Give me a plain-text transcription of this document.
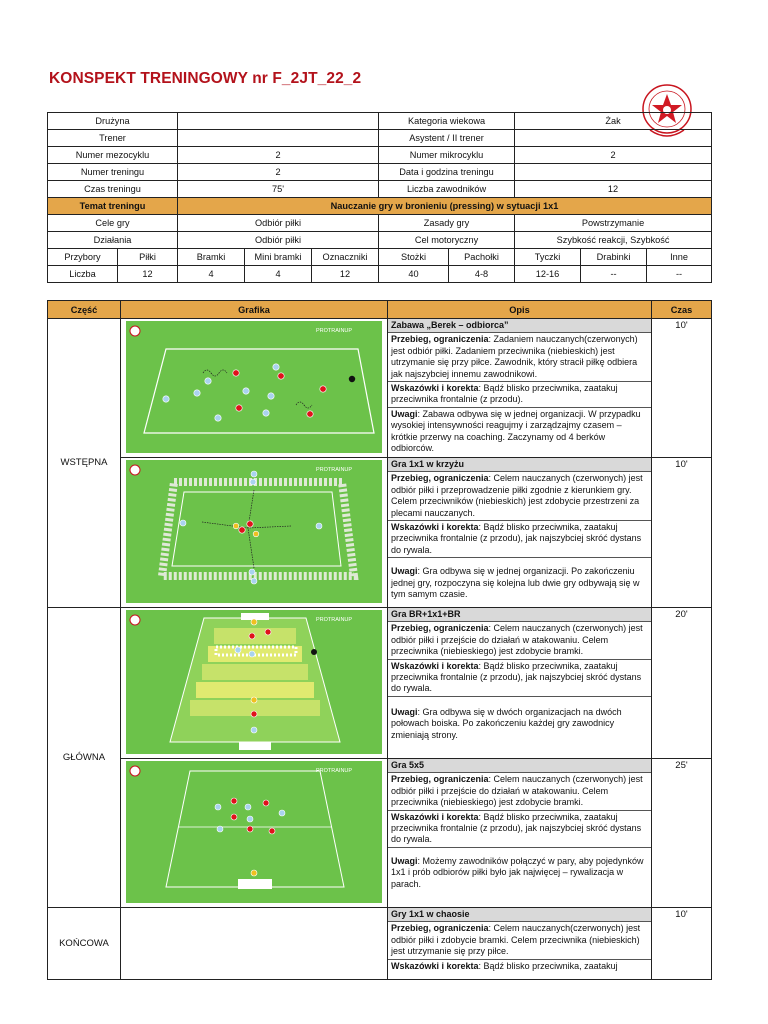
KONSPEKT TRENINGOWY nr F_2JT_22_2
Drużyna					Kategoria wiekowa		Żak		
Trener					Asystent / II trener				
Numer mezocyklu		2			Numer mikrocyklu		2		
Numer treningu		2			Data i godzina treningu				
Czas treningu		75'			Liczba zawodników		12		
Temat treningu		Nauczanie gry w bronieniu (pressing) w sytuacji 1x1							
Cele gry		Odbiór piłki			Zasady gry		Powstrzymanie		
Działania		Odbiór piłki			Cel motoryczny		Szybkość reakcji, Szybkość		
Przybory	Piłki	Bramki	Mini bramki	Oznaczniki	Stożki	Pachołki	Tyczki	Drabinki	Inne
Liczba	12	4	4	12	40	4-8	12-16	--	--
Część	Grafika	Opis	Czas
WSTĘPNA	PROTRAINUP	Zabawa „Berek – odbiorca”
Przebieg, ograniczenia: Zadaniem nauczanych(czerwonych) jest odbiór piłki. Zadaniem przeciwnika (niebieskich) jest utrzymanie się przy piłce. Zawodnik, który stracił piłkę odbiera jak najszybciej innemu zawodnikowi.
Wskazówki i korekta: Bądź blisko przeciwnika, zaatakuj przeciwnika frontalnie (z przodu).
Uwagi: Zabawa odbywa się w jednej organizacji. W przypadku wysokiej intensywności reagujmy i zarządzajmy czasem – krótkie przerwy na coaching. Zaczynamy od 4 berków odbiorców.	10'

PROTRAINUP	Gra 1x1 w krzyżu
Przebieg, ograniczenia: Celem nauczanych (czerwonych) jest odbiór piłki i przeprowadzenie piłki zgodnie z kierunkiem gry. Celem przeciwników (niebieskich) jest zdobycie przestrzeni za plecami nauczanych.
Wskazówki i korekta: Bądź blisko przeciwnika, zaatakuj przeciwnika frontalnie (z przodu), jak najszybciej skróć dystans do rywala.
Uwagi: Gra odbywa się w jednej organizacji. Po zakończeniu jednej gry, rozpoczyna się kolejna lub dwie gry odbywają się w tym samym czasie.	10'
GŁÓWNA	PROTRAINUP	Gra BR+1x1+BR
Przebieg, ograniczenia: Celem nauczanych (czerwonych) jest odbiór piłki i przejście do działań w atakowaniu. Celem przeciwnika (niebieskiego) jest zdobycie bramki.
Wskazówki i korekta: Bądź blisko przeciwnika, zaatakuj przeciwnika frontalnie (z przodu), jak najszybciej skróć dystans do rywala.
Uwagi: Gra odbywa się w dwóch organizacjach na dwóch połowach boiska. Po zakończeniu każdej gry zawodnicy zmieniają strony.	20'

PROTRAINUP	Gra 5x5
Przebieg, ograniczenia: Celem nauczanych (czerwonych) jest odbiór piłki i przejście do działań w atakowaniu. Celem przeciwnika (niebieskiego) jest zdobycie bramki.
Wskazówki i korekta: Bądź blisko przeciwnika, zaatakuj przeciwnika frontalnie (z przodu), jak najszybciej skróć dystans do rywala.
Uwagi: Możemy zawodników połączyć w pary, aby pojedynków 1x1 i prób odbiorów piłki było jak najwięcej – rywalizacja w parach.	25'
KOŃCOWA		Gry 1x1 w chaosie
Przebieg, ograniczenia: Celem nauczanych(czerwonych) jest odbiór piłki i zdobycie bramki. Celem przeciwnika (niebieskich) jest utrzymanie się przy piłce.
Wskazówki i korekta: Bądź blisko przeciwnika, zaatakuj	10'
